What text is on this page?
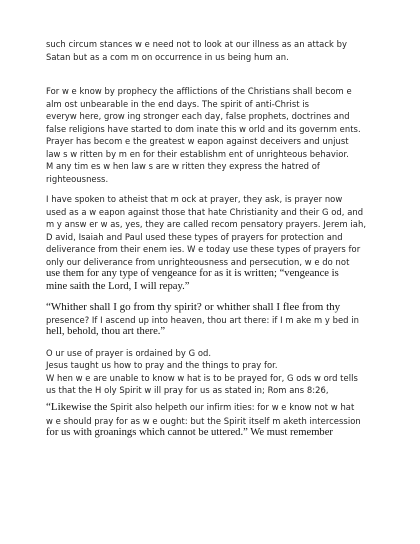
such circum stances w e need not to look at our illness as an attack by
Satan but as a com m on occurrence in us being hum an.

For w e know by prophecy the afflictions of the Christians shall becom e
alm ost unbearable in the end days. The spirit of anti-Christ is
everyw here, grow ing stronger each day, false prophets, doctrines and
false religions have started to dom inate this w orld and its governm ents.
Prayer has becom e the greatest w eapon against deceivers and unjust
law s w ritten by m en for their establishm ent of unrighteous behavior.
M any tim es w hen law s are w ritten they express the hatred of
righteousness.

I have spoken to atheist that m ock at prayer, they ask, is prayer now
used as a w eapon against those that hate Christianity and their G od, and
m y answ er w as, yes, they are called recom pensatory prayers. Jerem iah,
D avid, Isaiah and Paul used these types of prayers for protection and
deliverance from their enem ies. W e today use these types of prayers for
only our deliverance from unrighteousness and persecution, w e do not
use them for any type of vengeance for as it is written; “vengeance is
mine saith the Lord, I will repay.”

“Whither shall I go from thy spirit? or whither shall I flee from thy
presence? If I ascend up into heaven, thou art there: if I m ake m y bed in
hell, behold, thou art there.”

O ur use of prayer is ordained by G od.
Jesus taught us how to pray and the things to pray for.
W hen w e are unable to know w hat is to be prayed for, G ods w ord tells
us that the H oly Spirit w ill pray for us as stated in; Rom ans 8:26,

“Likewise the Spirit also helpeth our infirm ities: for w e know not w hat
w e should pray for as w e ought: but the Spirit itself m aketh intercession
for us with groanings which cannot be uttered.” We must remember
